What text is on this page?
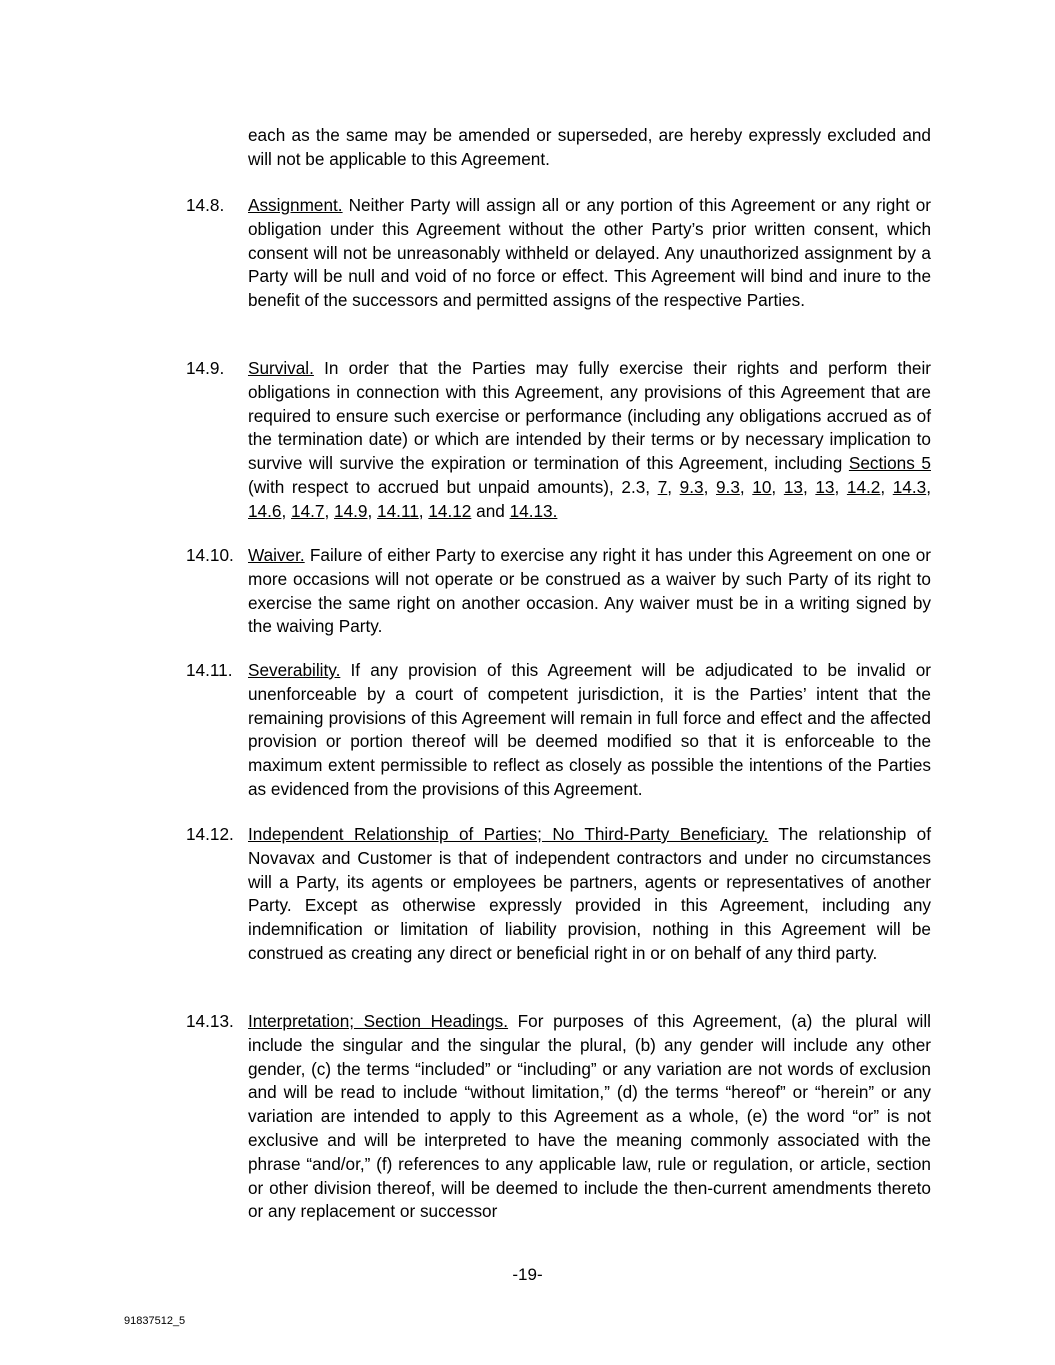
each as the same may be amended or superseded, are hereby expressly excluded and will not be applicable to this Agreement.

14.8. Assignment. Neither Party will assign all or any portion of this Agreement or any right or obligation under this Agreement without the other Party’s prior written consent, which consent will not be unreasonably withheld or delayed. Any unauthorized assignment by a Party will be null and void of no force or effect. This Agreement will bind and inure to the benefit of the successors and permitted assigns of the respective Parties.
14.9. Survival. In order that the Parties may fully exercise their rights and perform their obligations in connection with this Agreement, any provisions of this Agreement that are required to ensure such exercise or performance (including any obligations accrued as of the termination date) or which are intended by their terms or by necessary implication to survive will survive the expiration or termination of this Agreement, including Sections 5 (with respect to accrued but unpaid amounts), 2.3, 7, 9.3, 9.3, 10, 13, 13, 14.2, 14.3, 14.6, 14.7, 14.9, 14.11, 14.12 and 14.13.
14.10. Waiver. Failure of either Party to exercise any right it has under this Agreement on one or more occasions will not operate or be construed as a waiver by such Party of its right to exercise the same right on another occasion. Any waiver must be in a writing signed by the waiving Party.
14.11. Severability. If any provision of this Agreement will be adjudicated to be invalid or unenforceable by a court of competent jurisdiction, it is the Parties’ intent that the remaining provisions of this Agreement will remain in full force and effect and the affected provision or portion thereof will be deemed modified so that it is enforceable to the maximum extent permissible to reflect as closely as possible the intentions of the Parties as evidenced from the provisions of this Agreement.
14.12. Independent Relationship of Parties; No Third-Party Beneficiary. The relationship of Novavax and Customer is that of independent contractors and under no circumstances will a Party, its agents or employees be partners, agents or representatives of another Party. Except as otherwise expressly provided in this Agreement, including any indemnification or limitation of liability provision, nothing in this Agreement will be construed as creating any direct or beneficial right in or on behalf of any third party.
14.13. Interpretation; Section Headings. For purposes of this Agreement, (a) the plural will include the singular and the singular the plural, (b) any gender will include any other gender, (c) the terms “included” or “including” or any variation are not words of exclusion and will be read to include “without limitation,” (d) the terms “hereof” or “herein” or any variation are intended to apply to this Agreement as a whole, (e) the word “or” is not exclusive and will be interpreted to have the meaning commonly associated with the phrase “and/or,” (f) references to any applicable law, rule or regulation, or article, section or other division thereof, will be deemed to include the then-current amendments thereto or any replacement or successor
-19-
91837512_5
